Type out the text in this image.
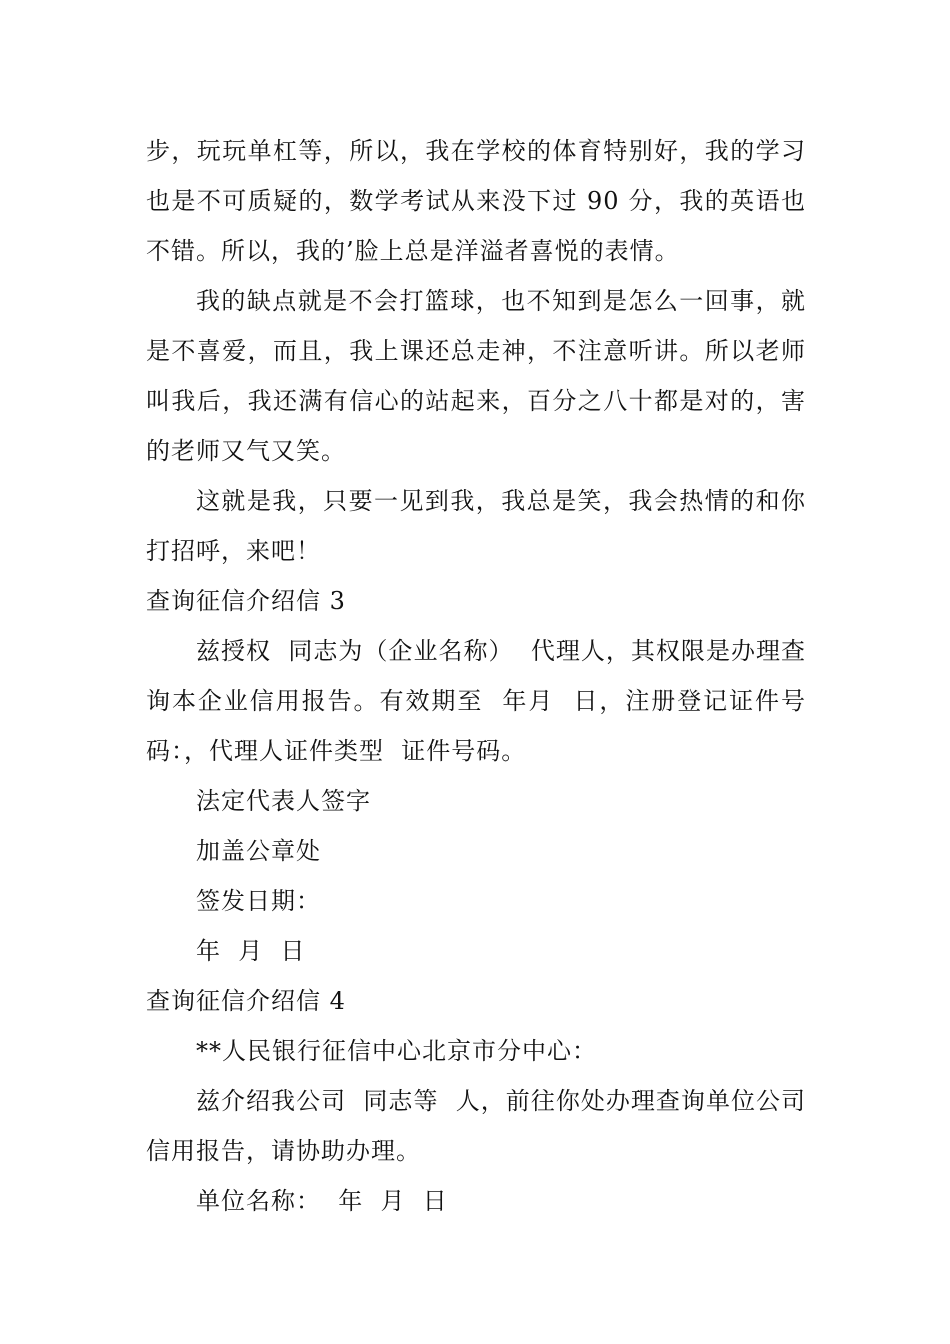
步，玩玩单杠等，所以，我在学校的体育特别好，我的学习也是不可质疑的，数学考试从来没下过 90 分，我的英语也不错。所以，我的’脸上总是洋溢者喜悦的表情。

我的缺点就是不会打篮球，也不知到是怎么一回事，就是不喜爱，而且，我上课还总走神，不注意听讲。所以老师叫我后，我还满有信心的站起来，百分之八十都是对的，害的老师又气又笑。

这就是我，只要一见到我，我总是笑，我会热情的和你打招呼，来吧！

查询征信介绍信 3

兹授权  同志为（企业名称）  代理人，其权限是办理查询本企业信用报告。有效期至  年月  日，注册登记证件号码：，代理人证件类型  证件号码。

法定代表人签字

加盖公章处

签发日期：

年  月  日

查询征信介绍信 4

**人民银行征信中心北京市分中心：

兹介绍我公司  同志等  人，前往你处办理查询单位公司信用报告，请协助办理。

单位名称：  年  月  日
